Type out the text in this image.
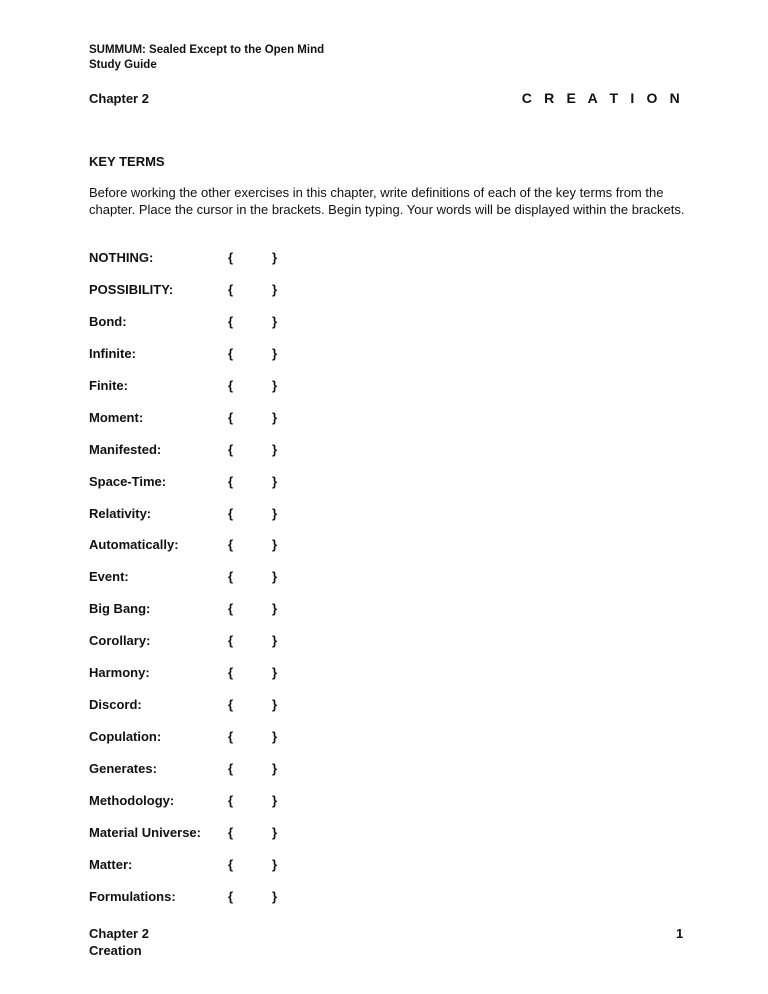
SUMMUM: Sealed Except to the Open Mind
Study Guide
Chapter 2	C R E A T I O N
KEY TERMS
Before working the other exercises in this chapter, write definitions of each of the key terms from the chapter. Place the cursor in the brackets. Begin typing. Your words will be displayed within the brackets.
NOTHING:	{	}
POSSIBILITY:	{	}
Bond:	{	}
Infinite:	{	}
Finite:	{	}
Moment:	{	}
Manifested:	{	}
Space-Time:	{	}
Relativity:	{	}
Automatically:	{	}
Event:	{	}
Big Bang:	{	}
Corollary:	{	}
Harmony:	{	}
Discord:	{	}
Copulation:	{	}
Generates:	{	}
Methodology:	{	}
Material Universe:	{	}
Matter:	{	}
Formulations:	{	}
Chapter 2
Creation
1
